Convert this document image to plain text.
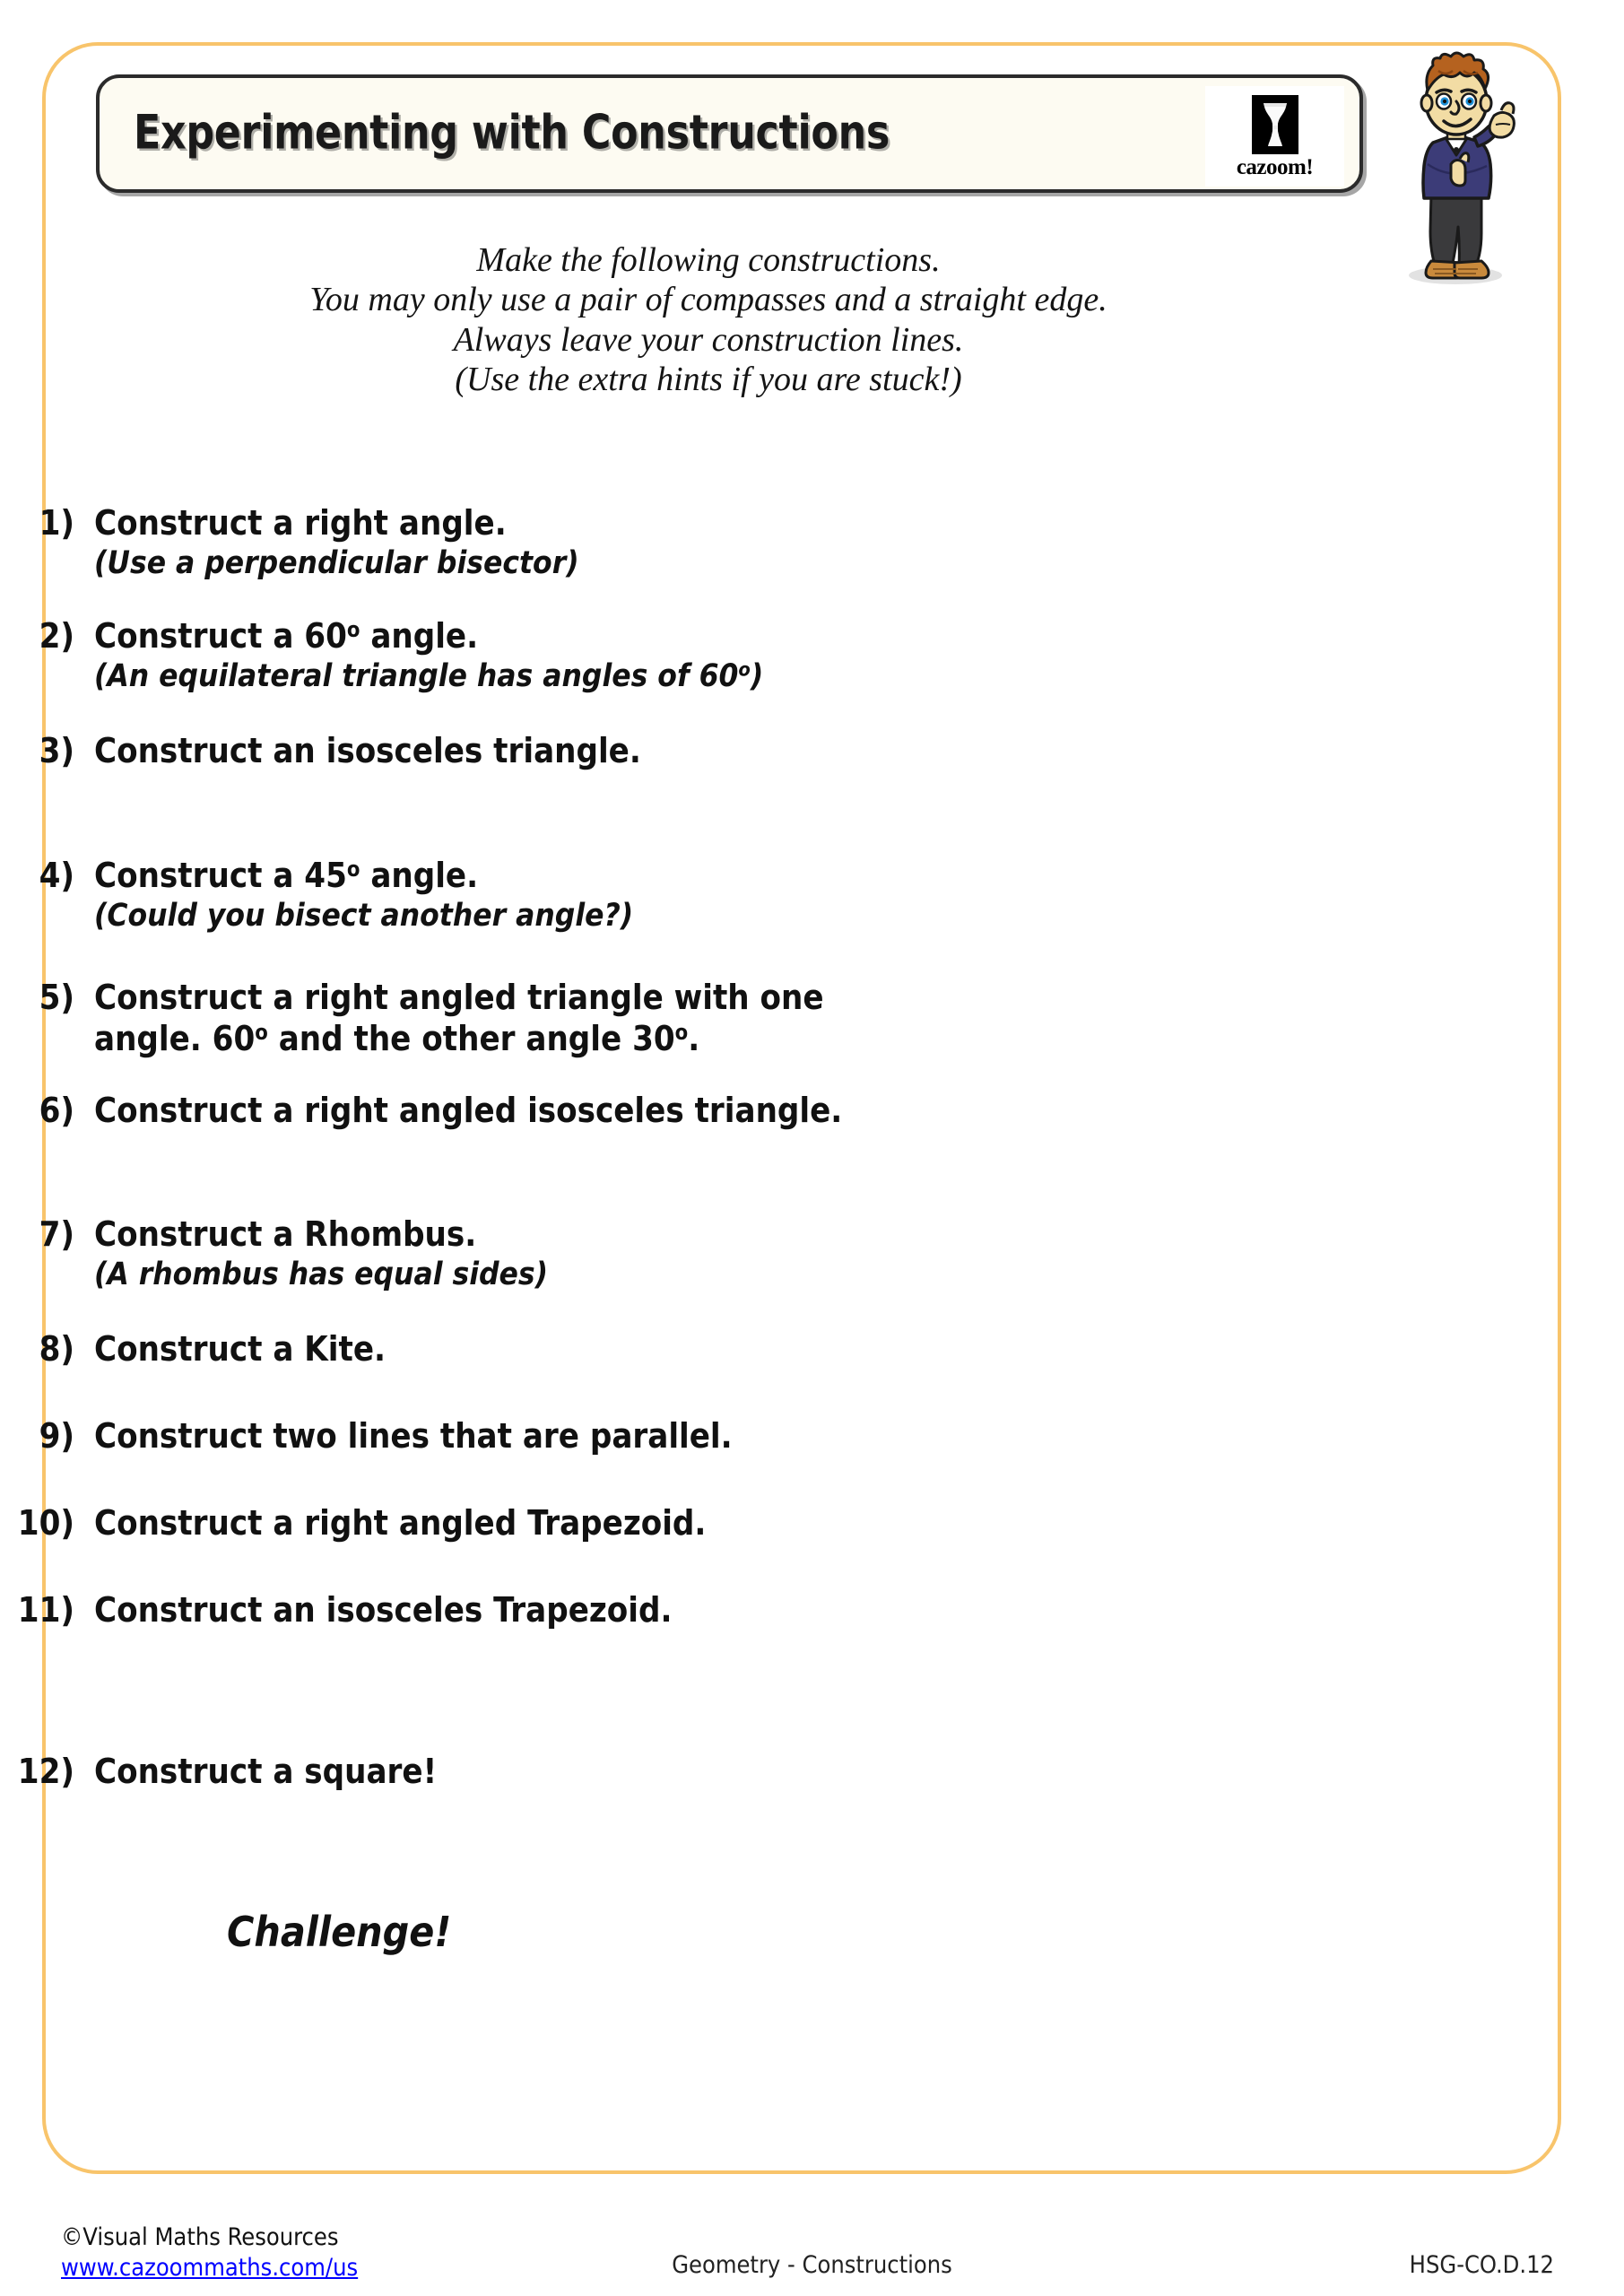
Experimenting with Constructions
cazoom!
Make the following constructions.
You may only use a pair of compasses and a straight edge.
Always leave your construction lines.
(Use the extra hints if you are stuck!)
1) Construct a right angle.
(Use a perpendicular bisector)
2) Construct a 60$^o$ angle.
(An equilateral triangle has angles of 60$^o$)
3) Construct an isosceles triangle.
4) Construct a 45$^o$ angle.
(Could you bisect another angle?)
5) Construct a right angled triangle with one
angle. 60$^o$ and the other angle 30$^o$.
6) Construct a right angled isosceles triangle.
7) Construct a Rhombus.
(A rhombus has equal sides)
8) Construct a Kite.
9) Construct two lines that are parallel.
10) Construct a right angled Trapezoid.
11) Construct an isosceles Trapezoid.
12) Construct a square!
Challenge!
©Visual Maths Resources
www.cazoommaths.com/us	Geometry - Constructions	HSG-CO.D.12
